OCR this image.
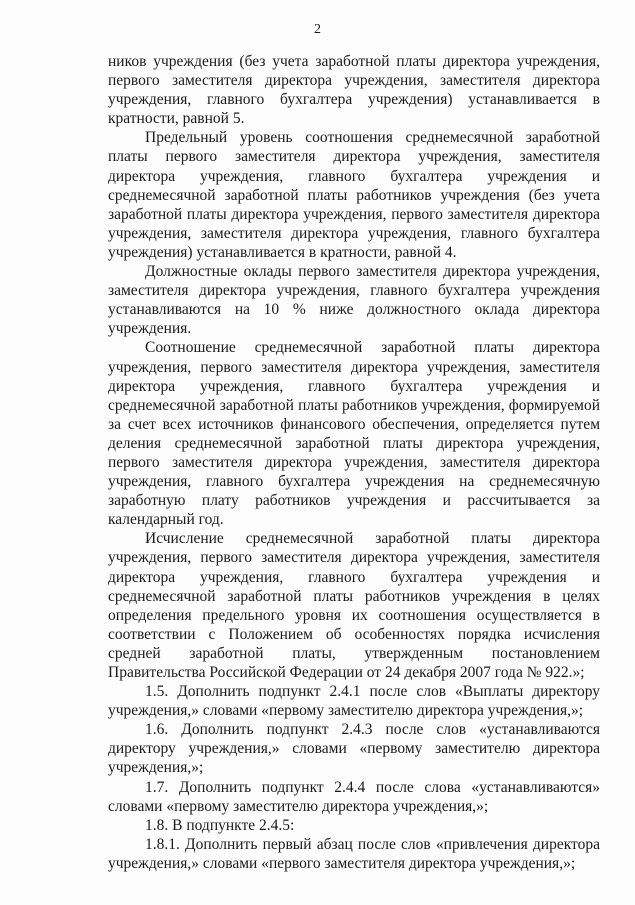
2

ников учреждения (без учета заработной платы директора учреждения, первого заместителя директора учреждения, заместителя директора учреждения, главного бухгалтера учреждения) устанавливается в кратности, равной 5.

Предельный уровень соотношения среднемесячной заработной платы первого заместителя директора учреждения, заместителя директора учреждения, главного бухгалтера учреждения и среднемесячной заработной платы работников учреждения (без учета заработной платы директора учреждения, первого заместителя директора учреждения, заместителя директора учреждения, главного бухгалтера учреждения) устанавливается в кратности, равной 4.

Должностные оклады первого заместителя директора учреждения, заместителя директора учреждения, главного бухгалтера учреждения устанавливаются на 10 % ниже должностного оклада директора учреждения.

Соотношение среднемесячной заработной платы директора учреждения, первого заместителя директора учреждения, заместителя директора учреждения, главного бухгалтера учреждения и среднемесячной заработной платы работников учреждения, формируемой за счет всех источников финансового обеспечения, определяется путем деления среднемесячной заработной платы директора учреждения, первого заместителя директора учреждения, заместителя директора учреждения, главного бухгалтера учреждения на среднемесячную заработную плату работников учреждения и рассчитывается за календарный год.

Исчисление среднемесячной заработной платы директора учреждения, первого заместителя директора учреждения, заместителя директора учреждения, главного бухгалтера учреждения и среднемесячной заработной платы работников учреждения в целях определения предельного уровня их соотношения осуществляется в соответствии с Положением об особенностях порядка исчисления средней заработной платы, утвержденным постановлением Правительства Российской Федерации от 24 декабря 2007 года № 922.»;

1.5. Дополнить подпункт 2.4.1 после слов «Выплаты директору учреждения,» словами «первому заместителю директора учреждения,»;

1.6. Дополнить подпункт 2.4.3 после слов «устанавливаются директору учреждения,» словами «первому заместителю директора учреждения,»;

1.7. Дополнить подпункт 2.4.4 после слова «устанавливаются» словами «первому заместителю директора учреждения,»;

1.8. В подпункте 2.4.5:

1.8.1. Дополнить первый абзац после слов «привлечения директора учреждения,» словами «первого заместителя директора учреждения,»;
